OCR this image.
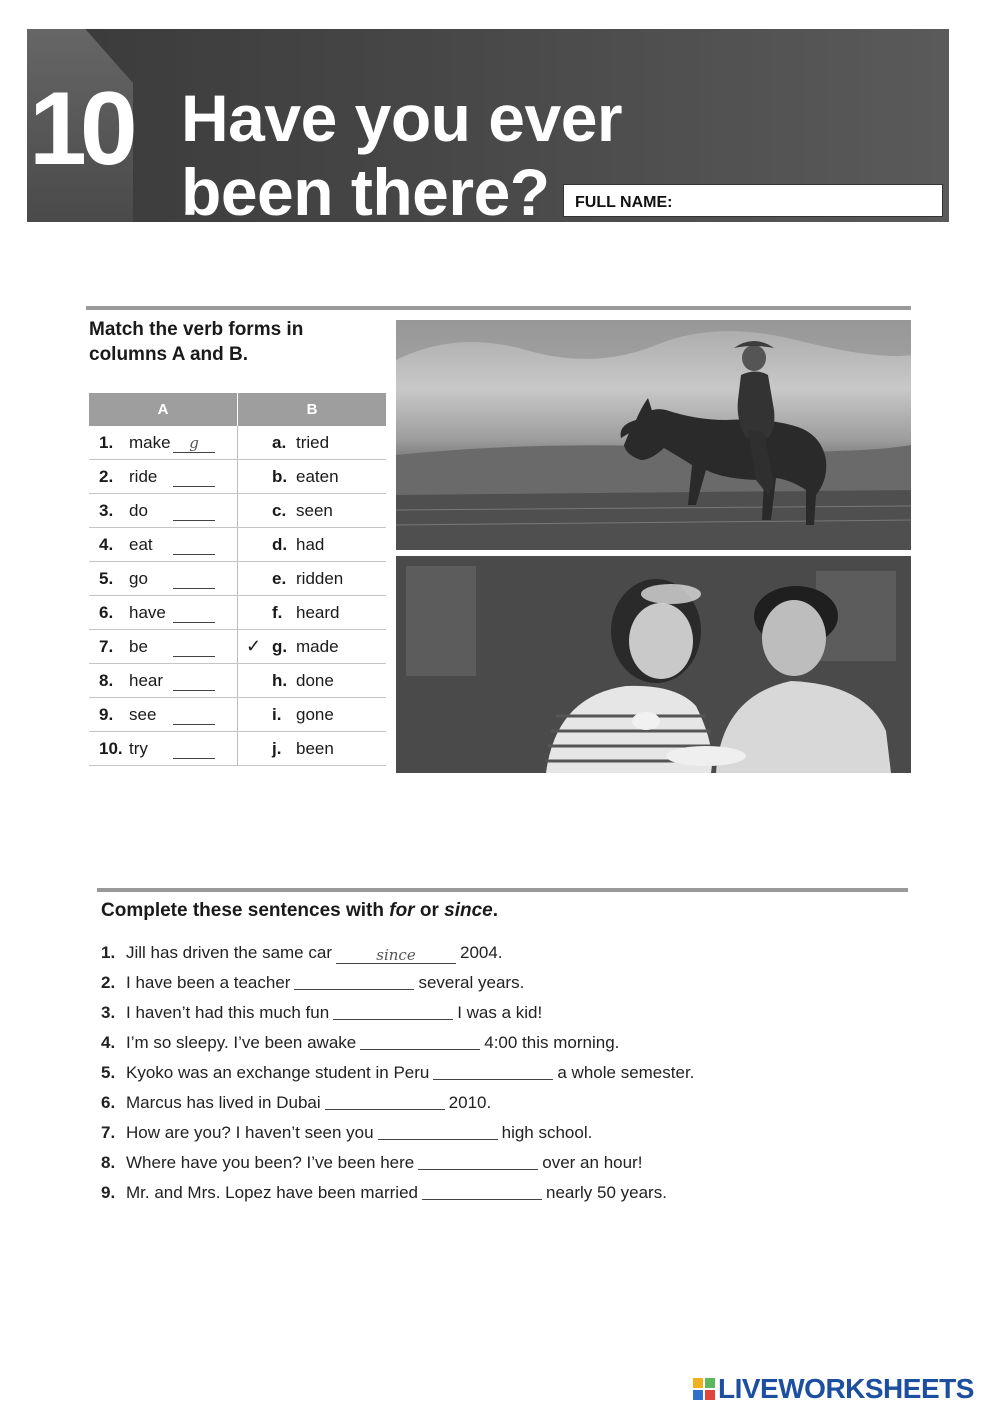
10 Have you ever
been there?	FULL NAME:
Match the verb forms in columns A and B.
A	B
1. make g	a. tried
2. ride	b. eaten
3. do	c. seen
4. eat	d. had
5. go	e. ridden
6. have	f. heard
7. be	✓ g. made
8. hear	h. done
9. see	i. gone
10. try	j. been
Complete these sentences with for or since.
1. Jill has driven the same car	since	2004.
2. I have been a teacher	several years.
3. I haven’t had this much fun	I was a kid!
4. I’m so sleepy. I’ve been awake	4:00 this morning.
5. Kyoko was an exchange student in Peru	a whole semester.
6. Marcus has lived in Dubai	2010.
7. How are you? I haven’t seen you	high school.
8. Where have you been? I’ve been here	over an hour!
9. Mr. and Mrs. Lopez have been married	nearly 50 years.
LIVEWORKSHEETS
